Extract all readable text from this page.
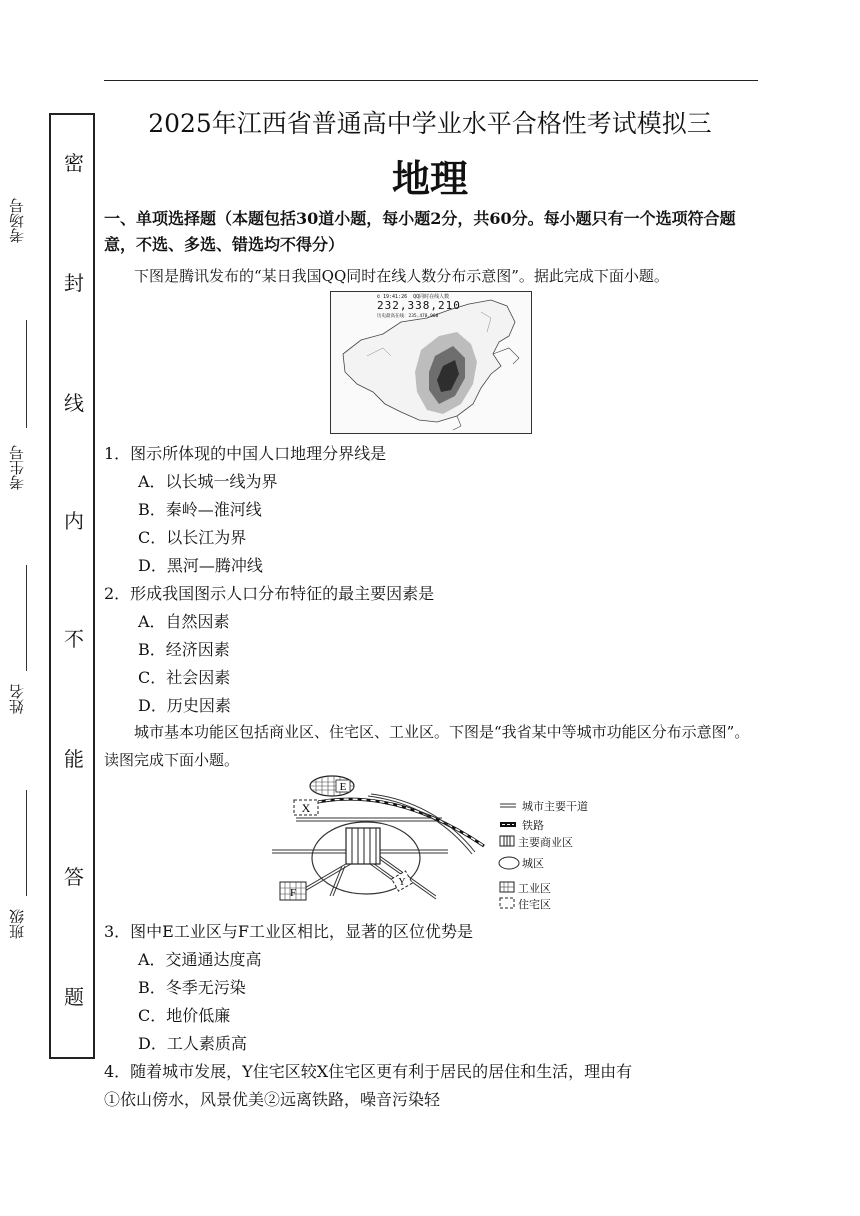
考场号
考生号
姓名
班级
密
封
线
内
不
能
答
题
2025年江西省普通高中学业水平合格性考试模拟三
地理
一、单项选择题（本题包括30道小题，每小题2分，共60分。每小题只有一个选项符合题意，不选、多选、错选均不得分）
下图是腾讯发布的“某日我国QQ同时在线人数分布示意图”。据此完成下面小题。
© 19:41:26 QQ同时在线人数
232,338,210
历史最高在线：235,478,960
1．图示所体现的中国人口地理分界线是
A．以长城一线为界
B．秦岭—淮河线
C．以长江为界
D．黑河—腾冲线
2．形成我国图示人口分布特征的最主要因素是
A．自然因素
B．经济因素
C．社会因素
D．历史因素
城市基本功能区包括商业区、住宅区、工业区。下图是“我省某中等城市功能区分布示意图”。读图完成下面小题。
E
X
F
Y
城市主要干道
铁路
主要商业区
城区
工业区
住宅区
3．图中E工业区与F工业区相比，显著的区位优势是
A．交通通达度高
B．冬季无污染
C．地价低廉
D．工人素质高
4．随着城市发展，Y住宅区较X住宅区更有利于居民的居住和生活，理由有
①依山傍水，风景优美②远离铁路，噪音污染轻
